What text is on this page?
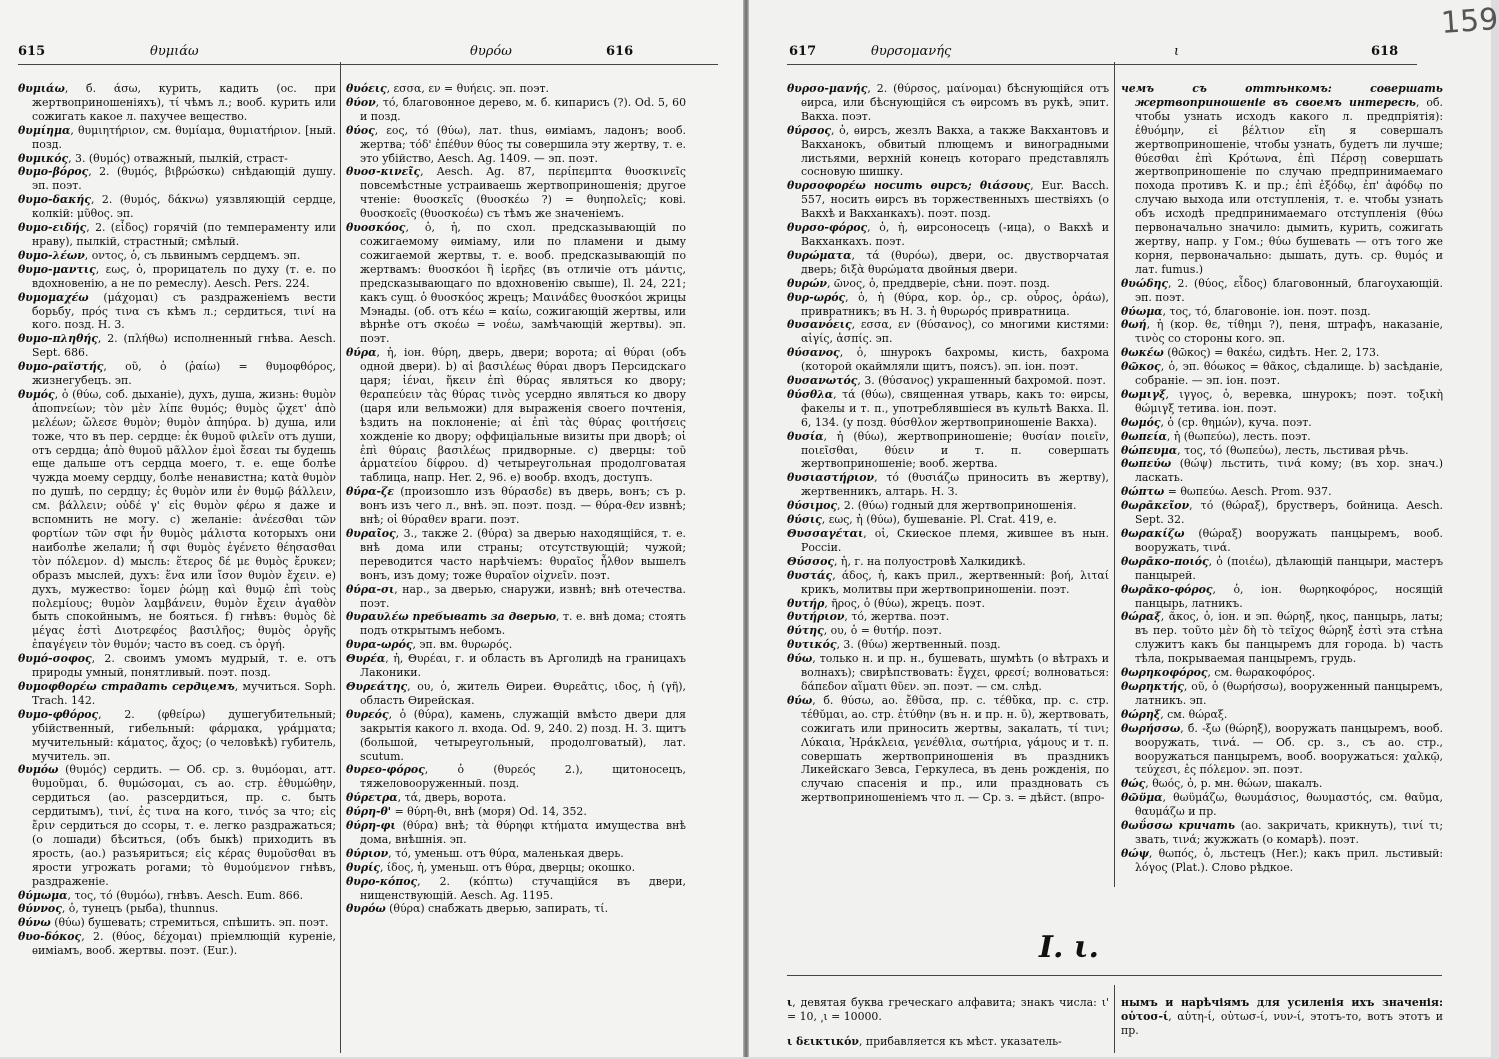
615	θυμιάω	θυρόω	616

θυμιάω, б. άσω, курить, кадить (ос. при жертвоприношеніяхъ), τί чѣмъ л.; вооб. курить или сожигать какое л. пахучее вещество.

θυμίημα, θυμιητήριον, см. θυμίαμα, θυμιατήριον. [ный. позд.

θυμικός, 3. (θυμός) отважный, пылкій, страст-

θυμο-βόρος, 2. (θυμός, βιβρώσκω) снѣдающій душу. эп. поэт.

θυμο-δακής, 2. (θυμός, δάκνω) уязвляющій сердце, колкій: μῦθος. эп.

θυμο-ειδής, 2. (εἶδος) горячій (по темпераменту или нраву), пылкій, страстный; смѣлый.

θυμο-λέων, οντος, ὁ, съ львинымъ сердцемъ. эп.

θυμο-μαντις, εως, ὁ, прорицатель по духу (т. е. по вдохновенію, а не по ремеслу). Aesch. Pers. 224.

θυμομαχέω (μάχομαι) съ раздраженіемъ вести борьбу, πρός τινα съ кѣмъ л.; сердиться, τινί на кого. позд. Н. 3.

θυμο-πληθής, 2. (πλήθω) исполненный гнѣва. Aesch. Sept. 686.

θυμο-ραϊστής, οῦ, ὁ (ῥαίω) = θυμοφθόρος, жизнегубецъ. эп.

θυμός, ὁ (θύω, соб. дыханіе), духъ, душа, жизнь: θυμὸν ἀποπνείων; τὸν μὲν λίπε θυμός; θυμὸς ᾤχετ' ἀπὸ μελέων; ὤλεσε θυμὸν; θυμὸν ἀπηύρα. b) душа, или тоже, что въ пер. сердце: ἐκ θυμοῦ φιλεῖν отъ души, отъ сердца; ἀπὸ θυμοῦ μᾶλλον ἐμοὶ ἔσεαι ты будешь еще дальше отъ сердца моего, т. е. еще болѣе чужда моему сердцу, болѣе ненавистна; κατὰ θυμὸν по душѣ, по сердцу; ἐς θυμὸν или ἐν θυμῷ βάλλειν, см. βάλλειν; οὐδέ γ' εἰς θυμὸν φέρω я даже и вспомнить не могу. c) желаніе: ἀνέεσθαι τῶν φορτίων τῶν σφι ἦν θυμὸς μάλιστα которыхъ они наиболѣе желали; ἧ σφι θυμὸς ἐγένετο θέησασθαι τὸν πόλεμον. d) мысль: ἕτερος δέ με θυμὸς ἔρυκεν; образъ мыслей, духъ: ἕνα или ἴσον θυμὸν ἔχειν. e) духъ, мужество: ἴομεν ῥώμῃ καὶ θυμῷ ἐπὶ τοὺς πολεμίους; θυμὸν λαμβάνειν, θυμὸν ἔχειν ἀγαθὸν быть спокойнымъ, не бояться. f) гнѣвъ: θυμὸς δὲ μέγας ἐστὶ Διοτρεφέος βασιλῆος; θυμὸς ὀργῆς ἐπαγέγειν τὸν θυμόν; часто въ соед. съ ὀργή.

θυμό-σοφος, 2. своимъ умомъ мудрый, т. е. отъ природы умный, понятливый. поэт. позд.

θυμοφθορέω страдать сердцемъ, мучиться. Soph. Trach. 142.

θυμο-φθόρος, 2. (φθείρω) душегубительный; убійственный, гибельный: φάρμακα, γράμματα; мучительный: κάματος, ἄχος; (о человѣкѣ) губитель, мучитель. эп.

θυμόω (θυμός) сердить. — Об. ср. з. θυμόομαι, атт. θυμοῦμαι, б. θυμώσομαι, съ ао. стр. ἐθυμώθην, сердиться (ао. разсердиться, пр. с. быть сердитымъ), τινί, ἐς τινα на кого, τινός за что; εἰς ἔριν сердиться до ссоры, т. е. легко раздражаться; (о лошади) бѣситься, (объ быкѣ) приходить въ ярость, (ао.) разъяриться; εἰς κέρας θυμοῦσθαι въ ярости угрожать рогами; τὸ θυμούμενον гнѣвъ, раздраженіе.

θύμωμα, τος, τό (θυμόω), гнѣвъ. Aesch. Eum. 866.

θύννος, ὁ, тунецъ (рыба), thunnus.

θύνω (θύω) бушевать; стремиться, спѣшить. эп. поэт.

θυο-δόκος, 2. (θύος, δέχομαι) пріемлющій куреніе, ѳиміамъ, вооб. жертвы. поэт. (Eur.).

θυόεις, εσσα, εν = θυήεις. эп. поэт.

θύον, τό, благовонное дерево, м. б. кипарисъ (?). Od. 5, 60 и позд.

θύος, εος, τό (θύω), лат. thus, ѳиміамъ, ладонъ; вооб. жертва; τόδ' ἐπέθυν θύος ты совершила эту жертву, т. е. это убійство, Aesch. Ag. 1409. — эп. поэт.

θυοσ-κινεῖς, Aesch. Ag. 87, περίπεμπτα θυοσκινεῖς повсемѣстные устраиваешь жертвоприношенія; другое чтеніе: θυοσκεῖς (θυοσκέω ?) = θυηπολεῖς; кові. θυοσκοεῖς (θυοσκοέω) съ тѣмъ же значеніемъ.

θυοσκόος, ὁ, ἡ, по схол. предсказывающій по сожигаемому ѳиміаму, или по пламени и дыму сожигаемой жертвы, т. е. вооб. предсказывающій по жертвамъ: θυοσκόοι ἢ ἱερῆες (въ отличіе отъ μάντις, предсказывающаго по вдохновенію свыше), Il. 24, 221; какъ сущ. ὁ θυοσκόος жрецъ; Μαινάδες θυοσκόοι жрицы Мэнады. (об. отъ κέω = καίω, сожигающій жертвы, или вѣрнѣе отъ σκοέω = νοέω, замѣчающій жертвы). эп. поэт.

θύρα, ἡ, іон. θύρη, дверь, двери; ворота; αἱ θύραι (объ одной двери). b) αἱ βασιλέως θύραι дворъ Персидскаго царя; ἰέναι, ἥκειν ἐπὶ θύρας являться ко двору; θεραπεύειν τὰς θύρας τινὸς усердно являться ко двору (царя или вельможи) для выраженія своего почтенія, ѣздить на поклоненіе; αἱ ἐπὶ τὰς θύρας φοιτήσεις хожденіе ко двору; оффиціальные визиты при дворѣ; οἱ ἐπὶ θύραις βασιλέως придворные. c) дверцы: τοῦ ἁρματείου δίφρου. d) четыреугольная продолговатая таблица, напр. Her. 2, 96. e) вообр. входъ, доступъ.

θύρα-ζε (произошло изъ θύρασδε) въ дверь, вонъ; съ р. вонъ изъ чего л., внѣ. эп. поэт. позд. — θύρα-θεν извнѣ; внѣ; οἱ θύραθεν враги. поэт.

θυραῖος, 3., также 2. (θύρα) за дверью находящійся, т. е. внѣ дома или страны; отсутствующій; чужой; переводится часто нарѣчіемъ: θυραῖος ἦλθον вышелъ вонъ, изъ дому; тоже θυραῖον οἰχνεῖν. поэт.

θύρα-σι, нар., за дверью, снаружи, извнѣ; внѣ отечества. поэт.

θυραυλέω пребывать за дверью, т. е. внѣ дома; стоять подъ открытымъ небомъ.

θυρα-ωρός, эп. вм. θυρωρός.

Θυρέα, ἡ, Θυρέαι, г. и область въ Арголидѣ на границахъ Лаконики.

Θυρεάτης, ου, ὁ, житель Ѳиреи. Θυρεᾶτις, ιδος, ἡ (γῆ), область Ѳирейская.

θυρεός, ὁ (θύρα), камень, служащій вмѣсто двери для закрытія какого л. входа. Od. 9, 240. 2) позд. Н. З. щитъ (большой, четыреугольный, продолговатый), лат. scutum.

θυρεο-φόρος, ὁ (θυρεός 2.), щитоносецъ, тяжеловооруженный. позд.

θύρετρα, τά, дверь, ворота.

θύρη-θ' = θύρη-θι, внѣ (моря) Od. 14, 352.

θύρη-φι (θύρα) внѣ; τὰ θύρηφι κτήματα имущества внѣ дома, внѣшнія. эп.

θύριον, τό, уменьш. отъ θύρα, маленькая дверь.

θυρίς, ίδος, ἡ, уменьш. отъ θύρα, дверцы; окошко.

θυρο-κόπος, 2. (κόπτω) стучащійся въ двери, нищенствующій. Aesch. Ag. 1195.

θυρόω (θύρα) снабжать дверью, запирать, τί.

617	θυρσομανής	ι	618
159

θυρσο-μανής, 2. (θύρσος, μαίνομαι) бѣснующійся отъ ѳирса, или бѣснующійся съ ѳирсомъ въ рукѣ, эпит. Вакха. поэт.

θύρσος, ὁ, ѳирсъ, жезлъ Вакха, а также Вакхантовъ и Вакханокъ, обвитый плющемъ и виноградными листьями, верхній конецъ котораго представлялъ сосновую шишку.

θυρσοφορέω носить ѳирсъ; θιάσους, Eur. Bacch. 557, носить ѳирсъ въ торжественныхъ шествіяхъ (о Вакхѣ и Вакханкахъ). поэт. позд.

θυρσο-φόρος, ὁ, ἡ, ѳирсоносецъ (-ица), о Вакхѣ и Вакханкахъ. поэт.

θυρώματα, τά (θυρόω), двери, ос. двустворчатая дверь; διξὰ θυρώματα двойныя двери.

θυρών, ῶνος, ὁ, преддверіе, сѣни. поэт. позд.

θυρ-ωρός, ὁ, ἡ (θύρα, кор. ὀρ., ср. οὖρος, ὁράω), привратникъ; въ Н. З. ἡ θυρωρός привратница.

θυσανόεις, εσσα, εν (θύσανος), со многими кистями: αἰγίς, ἀσπίς. эп.

θύσανος, ὁ, шнурокъ бахромы, кисть, бахрома (которой окаймляли щитъ, поясъ). эп. іон. поэт.

θυσανωτός, 3. (θύσανος) украшенный бахромой. поэт.

θύσθλα, τά (θύω), священная утварь, какъ то: ѳирсы, факелы и т. п., употреблявшіеся въ культѣ Вакха. Il. 6, 134. (у позд. θύσθλον жертвоприношеніе Вакха).

θυσία, ἡ (θύω), жертвоприношеніе; θυσίαν ποιεῖν, ποιεῖσθαι, θύειν и т. п. совершать жертвоприношеніе; вооб. жертва.

θυσιαστήριον, τό (θυσιάζω приносить въ жертву), жертвенникъ, алтарь. Н. З.

θύσιμος, 2. (θύω) годный для жертвоприношенія.

θύσις, εως, ἡ (θύω), бушеваніе. Pl. Crat. 419, e.

Θυσσαγέται, οἱ, Скиѳское племя, жившее въ нын. Россіи.

Θύσσος, ἡ, г. на полуостровѣ Халкидикѣ.

θυστάς, άδος, ἡ, какъ прил., жертвенный: βοή, λιταί крикъ, молитвы при жертвоприношеніи. поэт.

θυτήρ, ῆρος, ὁ (θύω), жрецъ. поэт.

θυτήριον, τό, жертва. поэт.

θύτης, ου, ὁ = θυτήρ. поэт.

θυτικός, 3. (θύω) жертвенный. позд.

θύω, только н. и пр. н., бушевать, шумѣть (о вѣтрахъ и волнахъ); свирѣпствовать: ἔγχει, φρεσί; волноваться: δάπεδον αἵματι θῦεν. эп. поэт. — см. слѣд.

θύω, б. θύσω, ао. ἔθῦσα, пр. с. τέθὔκα, пр. с. стр. τέθῠμαι, ао. стр. ἐτύθην (въ н. и пр. н. ῡ), жертвовать, сожигать или приносить жертвы, закалать, τί τινι; Λύκαια, Ἡράκλεια, γενέθλια, σωτήρια, γάμους и т. п. совершать жертвоприношенія въ праздникъ Ликейскаго Зевса, Геркулеса, въ день рожденія, по случаю спасенія и пр., или праздновать съ жертвоприношеніемъ что л. — Ср. з. = дѣйст. (впро-

чемъ съ оттѣнкомъ: совершать жертвоприношеніе въ своемъ интересѣ, об. чтобы узнать исходъ какого л. предпріятія): ἐθυόμην, εἰ βέλτιον εἴη я совершалъ жертвоприношеніе, чтобы узнать, будетъ ли лучше; θύεσθαι ἐπὶ Κρότωνα, ἐπὶ Πέρσῃ совершать жертвоприношеніе по случаю предпринимаемаго похода противъ К. и пр.; ἐπὶ ἐξόδῳ, ἐπ' ἀφόδῳ по случаю выхода или отступленія, т. е. чтобы узнать объ исходѣ предпринимаемаго отступленія (θύω первоначально значило: дымить, курить, сожигать жертву, напр. у Гом.; θύω бушевать — отъ того же корня, первоначально: дышать, дуть. ср. θυμός и лат. fumus.)

θυώδης, 2. (θύος, εἶδος) благовонный, благоухающій. эп. поэт.

θύωμα, τος, τό, благовоніе. іон. поэт. позд.

θωή, ἡ (кор. θε, τίθημι ?), пеня, штрафъ, наказаніе, τινὸς со стороны кого. эп.

θωκέω (θῶκος) = θακέω, сидѣть. Her. 2, 173.

θῶκος, ὁ, эп. θόωκος = θᾶκος, сѣдалище. b) засѣданіе, собраніе. — эп. іон. поэт.

θωμιγξ, ιγγος, ὁ, веревка, шнурокъ; поэт. τοξικὴ θώμιγξ тетива. іон. поэт.

θωμός, ὁ (ср. θημών), куча. поэт.

θωπεία, ἡ (θωπεύω), лесть. поэт.

θώπευμα, τος, τό (θωπεύω), лесть, льстивая рѣчь.

θωπεύω (θώψ) льстить, τινά кому; (въ хор. знач.) ласкать.

θώπτω = θωπεύω. Aesch. Prom. 937.

θωρᾱκεῖον, τό (θώραξ), брустверъ, бойница. Aesch. Sept. 32.

θωρακίζω (θώραξ) вооружать панцыремъ, вооб. вооружать, τινά.

θωρᾱκο-ποιός, ὁ (ποιέω), дѣлающій панцыри, мастеръ панцырей.

θωρᾱκο-φόρος, ὁ, іон. θωρηκοφόρος, носящій панцырь, латникъ.

θώραξ, ᾶκος, ὁ, іон. и эп. θώρηξ, ηκος, панцырь, латы; въ пер. τοῦτο μὲν δὴ τὸ τεῖχος θώρηξ ἐστὶ эта стѣна служитъ какъ бы панцыремъ для города. b) часть тѣла, покрываемая панцыремъ, грудь.

θωρηκοφόρος, см. θωρακοφόρος.

θωρηκτής, οῦ, ὁ (θωρήσσω), вооруженный панцыремъ, латникъ. эп.

θώρηξ, см. θώραξ.

θωρήσσω, б. -ξω (θώρηξ), вооружать панцыремъ, вооб. вооружать, τινά. — Об. ср. з., съ ао. стр., вооружаться панцыремъ, вооб. вооружаться: χαλκῷ, τεύχεσι, ἐς πόλεμον. эп. поэт.

θώς, θωός, ὁ, р. мн. θώων, шакалъ.

θῶϋμα, θωϋμάζω, θωυμάσιος, θωυμαστός, см. θαῦμα, θαυμάζω и пр.

θωΰσσω кричать (ао. закричать, крикнуть), τινί τι; звать, τινά; жужжать (о комарѣ). поэт.

θώψ, θωπός, ὁ, льстецъ (Her.); какъ прил. льстивый: λόγος (Plat.). Слово рѣдкое.

I. ι.

ι, девятая буква греческаго алфавита; знакъ числа: ι' = 10, ͵ι = 10000.

ι δεικτικόν, прибавляется къ мѣст. указатель-

нымъ и нарѣчіямъ для усиленія ихъ значенія: οὑτοσ-ί, αὑτη-ί, οὑτωσ-ί, νυν-ί, этотъ-то, вотъ этотъ и пр.
